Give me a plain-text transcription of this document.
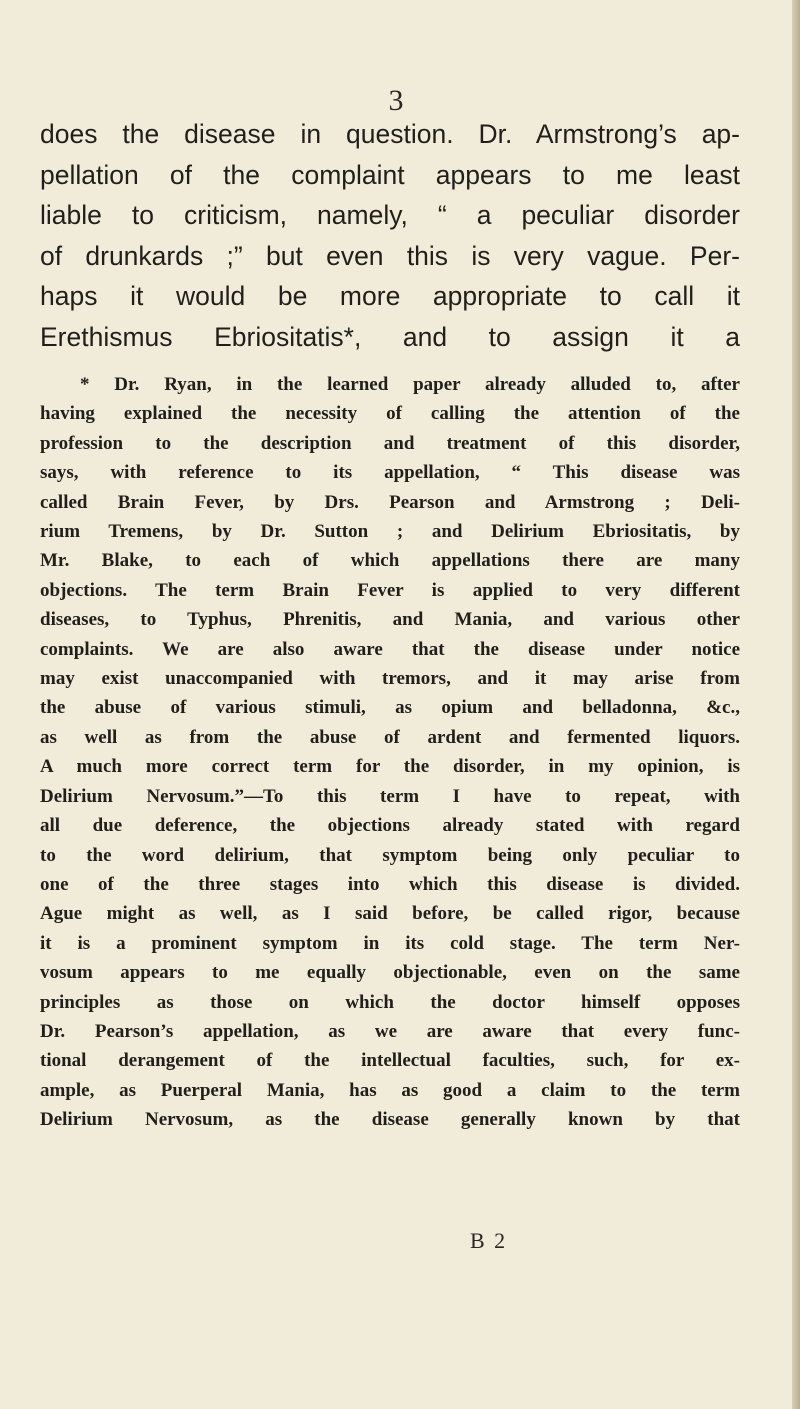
3

does the disease in question. Dr. Armstrong’s ap-
pellation of the complaint appears to me least
liable to criticism, namely, “ a peculiar disorder
of drunkards ;” but even this is very vague. Per-
haps it would be more appropriate to call it
Erethismus Ebriositatis*, and to assign it a

* Dr. Ryan, in the learned paper already alluded to, after
having explained the necessity of calling the attention of the
profession to the description and treatment of this disorder,
says, with reference to its appellation, “ This disease was
called Brain Fever, by Drs. Pearson and Armstrong ; Deli-
rium Tremens, by Dr. Sutton ; and Delirium Ebriositatis, by
Mr. Blake, to each of which appellations there are many
objections. The term Brain Fever is applied to very different
diseases, to Typhus, Phrenitis, and Mania, and various other
complaints. We are also aware that the disease under notice
may exist unaccompanied with tremors, and it may arise from
the abuse of various stimuli, as opium and belladonna, &c.,
as well as from the abuse of ardent and fermented liquors.
A much more correct term for the disorder, in my opinion, is
Delirium Nervosum.”—To this term I have to repeat, with
all due deference, the objections already stated with regard
to the word delirium, that symptom being only peculiar to
one of the three stages into which this disease is divided.
Ague might as well, as I said before, be called rigor, because
it is a prominent symptom in its cold stage. The term Ner-
vosum appears to me equally objectionable, even on the same
principles as those on which the doctor himself opposes
Dr. Pearson’s appellation, as we are aware that every func-
tional derangement of the intellectual faculties, such, for ex-
ample, as Puerperal Mania, has as good a claim to the term
Delirium Nervosum, as the disease generally known by that

B 2
